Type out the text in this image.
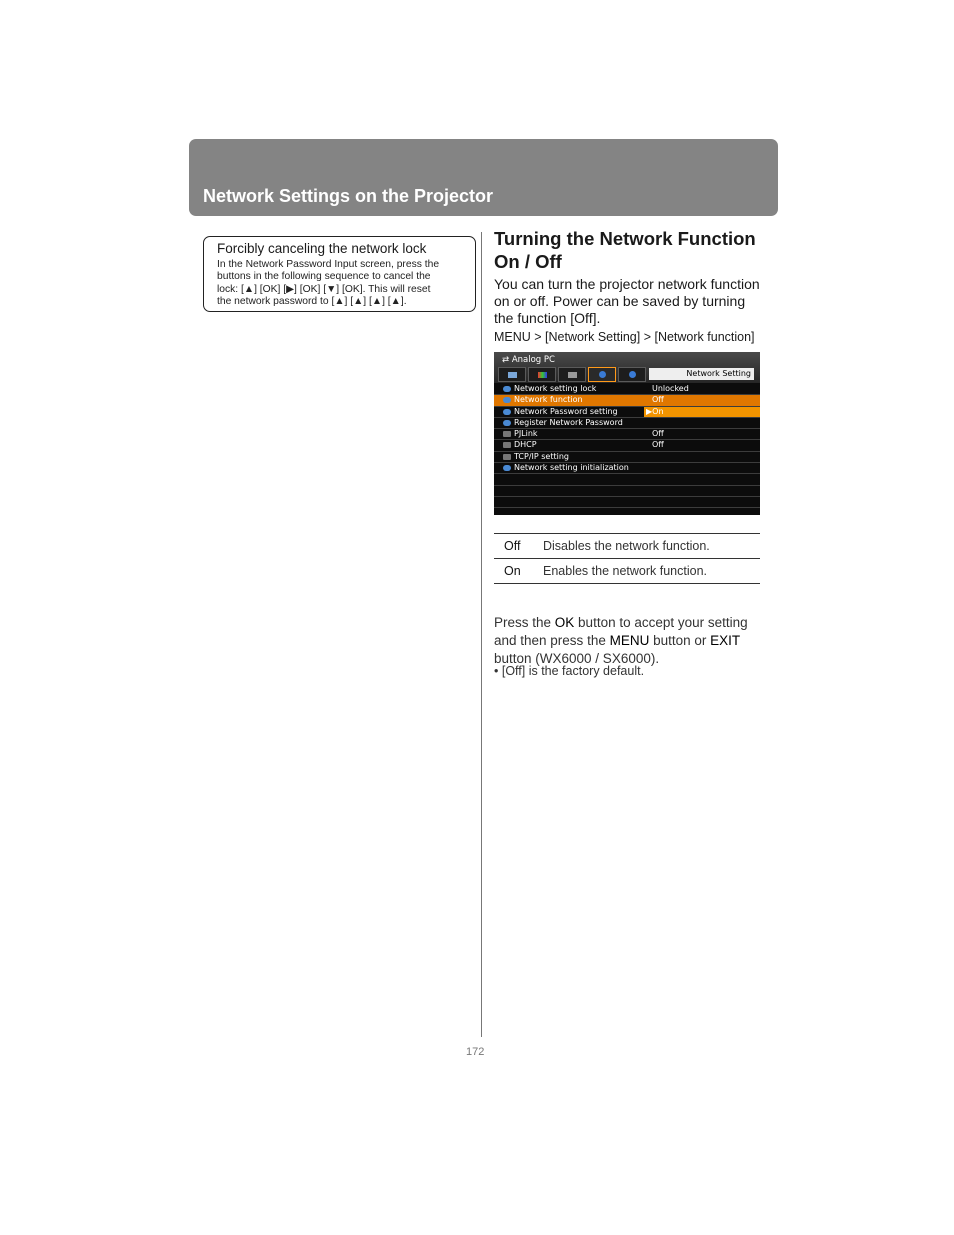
Network Settings on the Projector
Forcibly canceling the network lock
In the Network Password Input screen, press the
buttons in the following sequence to cancel the
lock: [▲] [OK] [▶] [OK] [▼] [OK]. This will reset
the network password to [▲] [▲] [▲] [▲].
Turning the Network Function On / Off

You can turn the projector network function on or off. Power can be saved by turning the function [Off].

MENU > [Network Setting] > [Network function]
⇄ Analog PC
Network Setting
Network setting lock	Unlocked
Network function	Off
Network Password setting	▶On
Register Network Password
PJLink	Off
DHCP	Off
TCP/IP setting
Network setting initialization
Off	Disables the network function.
On	Enables the network function.

Press the OK button to accept your setting and then press the MENU button or EXIT button (WX6000 / SX6000).

• [Off] is the factory default.
172
